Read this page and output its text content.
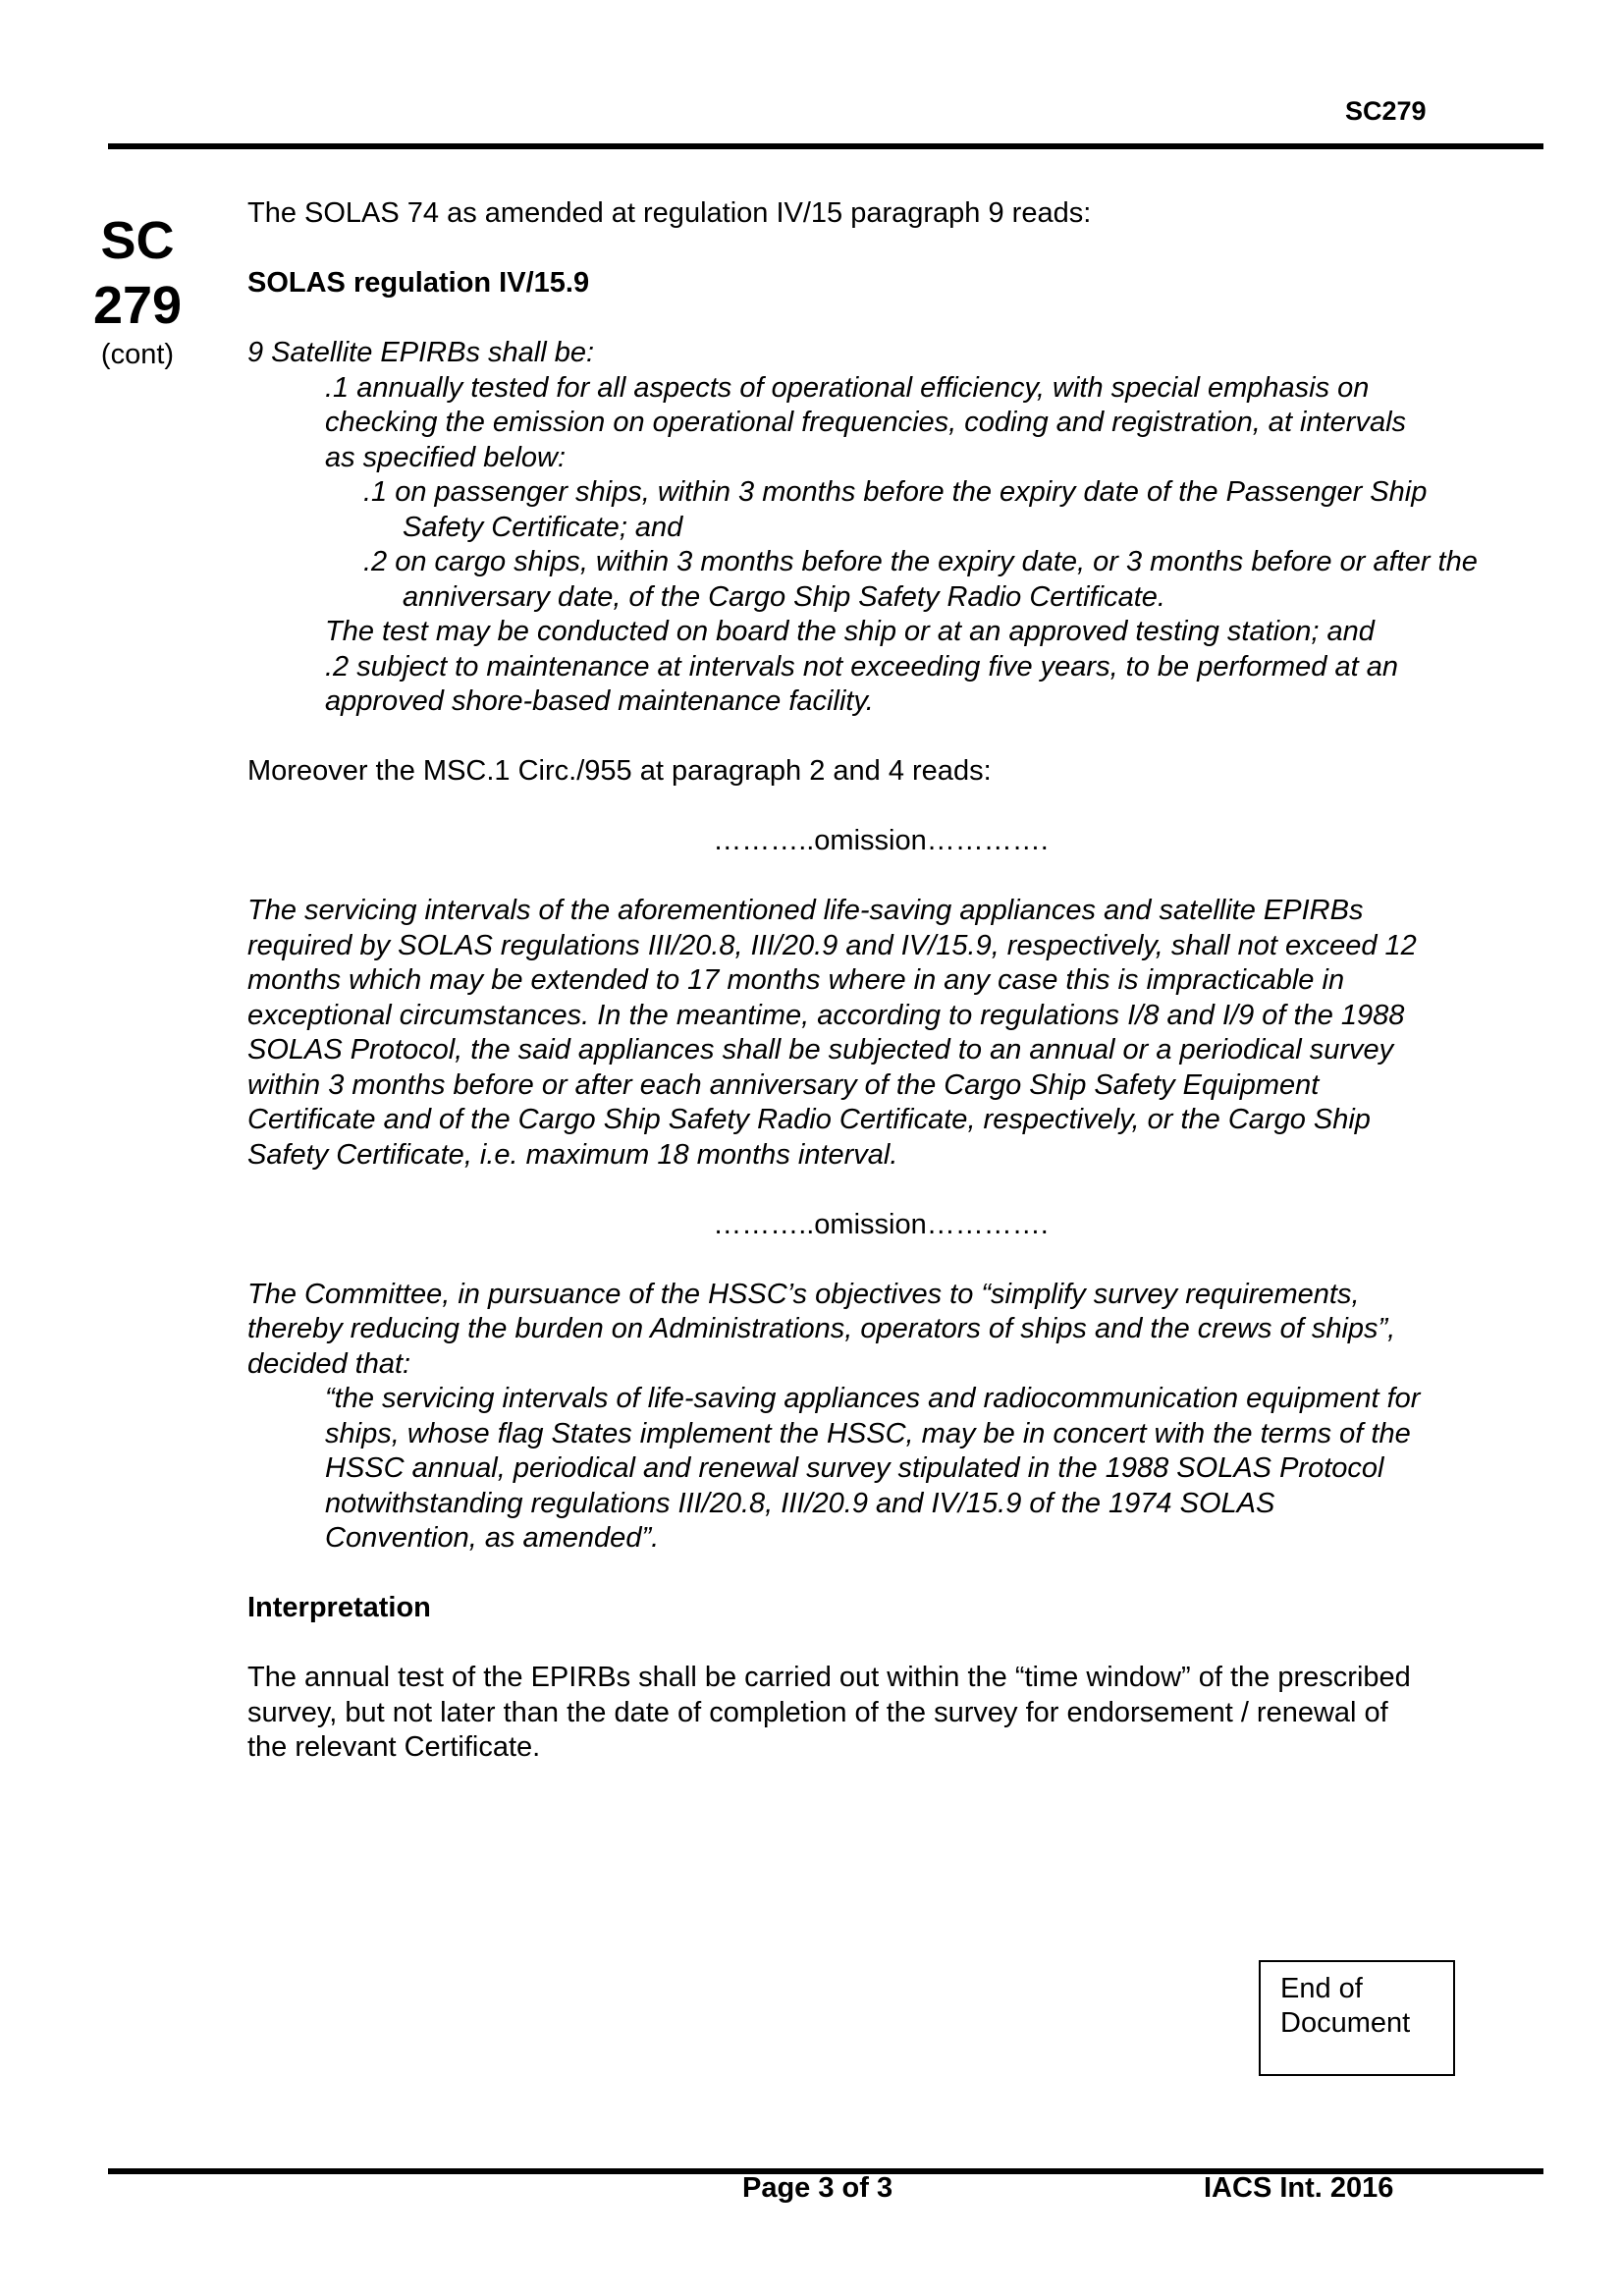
SC279
SC
279
(cont)

The SOLAS 74 as amended at regulation IV/15 paragraph 9 reads:

SOLAS regulation IV/15.9

9 Satellite EPIRBs shall be:

.1 annually tested for all aspects of operational efficiency, with special emphasis on

checking the emission on operational frequencies, coding and registration, at intervals

as specified below:

.1 on passenger ships, within 3 months before the expiry date of the Passenger Ship Safety Certificate; and

.2 on cargo ships, within 3 months before the expiry date, or 3 months before or after the anniversary date, of the Cargo Ship Safety Radio Certificate.

The test may be conducted on board the ship or at an approved testing station; and

.2 subject to maintenance at intervals not exceeding five years, to be performed at an

approved shore-based maintenance facility.

Moreover the MSC.1 Circ./955 at paragraph 2 and 4 reads:

………..omission………….

The servicing intervals of the aforementioned life-saving appliances and satellite EPIRBs

required by SOLAS regulations III/20.8, III/20.9 and IV/15.9, respectively, shall not exceed 12

months which may be extended to 17 months where in any case this is impracticable in

exceptional circumstances. In the meantime, according to regulations I/8 and I/9 of the 1988

SOLAS Protocol, the said appliances shall be subjected to an annual or a periodical survey

within 3 months before or after each anniversary of the Cargo Ship Safety Equipment

Certificate and of the Cargo Ship Safety Radio Certificate, respectively, or the Cargo Ship

Safety Certificate, i.e. maximum 18 months interval.

………..omission………….

The Committee, in pursuance of the HSSC’s objectives to “simplify survey requirements,

thereby reducing the burden on Administrations, operators of ships and the crews of ships”,

decided that:

“the servicing intervals of life-saving appliances and radiocommunication equipment for

ships, whose flag States implement the HSSC, may be in concert with the terms of the

HSSC annual, periodical and renewal survey stipulated in the 1988 SOLAS Protocol

notwithstanding regulations III/20.8, III/20.9 and IV/15.9 of the 1974 SOLAS

Convention, as amended”.

Interpretation

The annual test of the EPIRBs shall be carried out within the “time window” of the prescribed

survey, but not later than the date of completion of the survey for endorsement / renewal of

the relevant Certificate.

End of
Document
Page 3 of 3	IACS Int. 2016
